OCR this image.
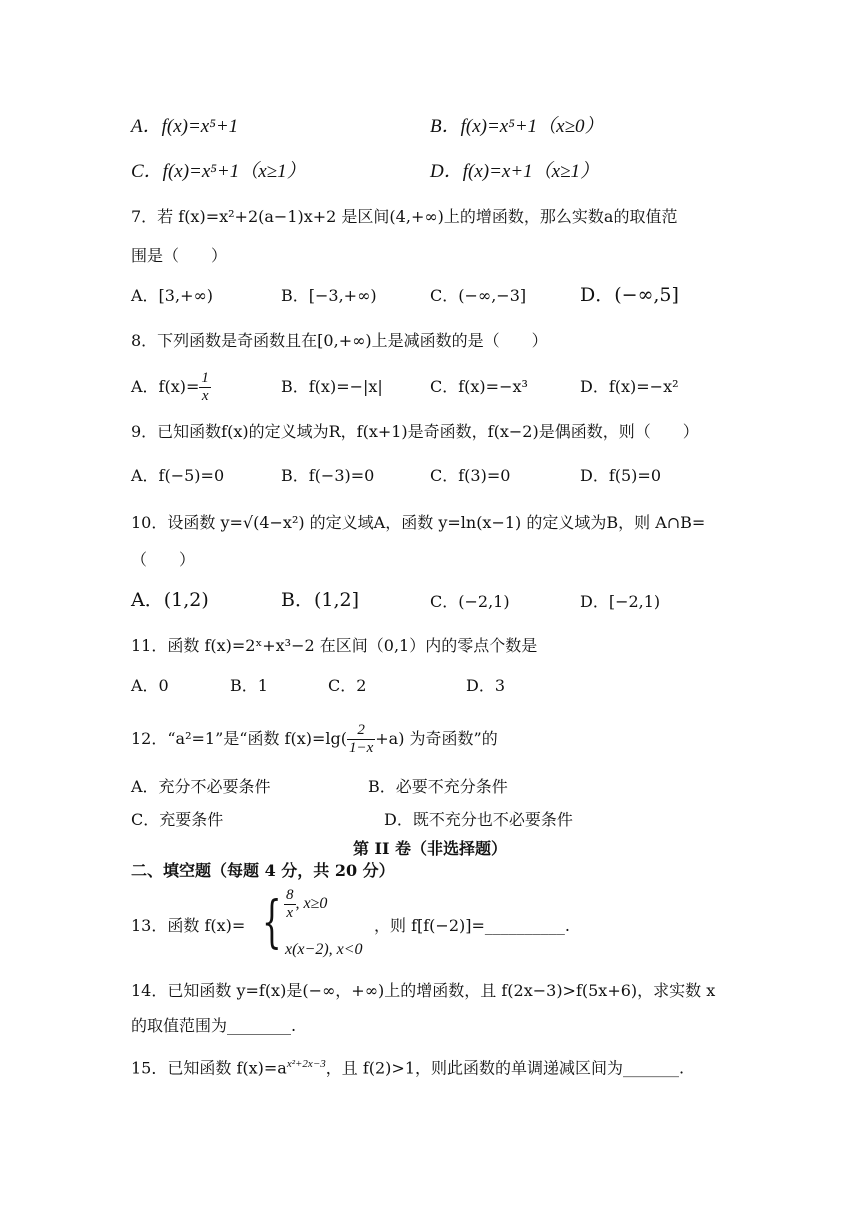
A．f(x)=x⁵+1	B．f(x)=x⁵+1（x≥0）
C．f(x)=x⁵+1（x≥1）	D．f(x)=x+1（x≥1）
7．若 f(x)=x²+2(a−1)x+2 是区间(4,+∞)上的增函数，那么实数a的取值范
围是（　　）
A．[3,+∞)	B．[−3,+∞)	C．(−∞,−3]	D．(−∞,5]
8．下列函数是奇函数且在[0,+∞)上是减函数的是（　　）
A．$f(x)= \frac{1}{x}$	B．f(x)=−|x|	C．f(x)=−x³	D．f(x)=−x²
9．已知函数f(x)的定义域为R，f(x+1)是奇函数，f(x−2)是偶函数，则（　　）
A．f(−5)=0	B．f(−3)=0	C．f(3)=0	D．f(5)=0
10．设函数 y=√(4−x²) 的定义域A，函数 y=ln(x−1) 的定义域为B，则 A∩B=
（　　）
A．(1,2)	B．(1,2]	C．(−2,1)	D．[−2,1)
11．函数 f(x)=2ˣ+x³−2 在区间（0,1）内的零点个数是
A．0	B．1	C．2	D．3
12．“a²=1”是“函数 $f(x)=\lg( \frac{2}{1-x} +a)$ 为奇函数”的
A．充分不必要条件	B．必要不充分条件
C．充要条件	D．既不充分也不必要条件
第 II 卷（非选择题）
二、填空题（每题 4 分，共 20 分）
13．函数 f(x)= { $\frac{8}{x}$ , x≥0
x(x−2), x<0
，则 f[f(−2)]=__________.
14．已知函数 y=f(x)是(−∞，+∞)上的增函数，且 f(2x−3)>f(5x+6)，求实数 x
的取值范围为________.
15．已知函数 $f(x)=a^{x^2+2x-3}$，且 f(2)>1，则此函数的单调递减区间为_______.
